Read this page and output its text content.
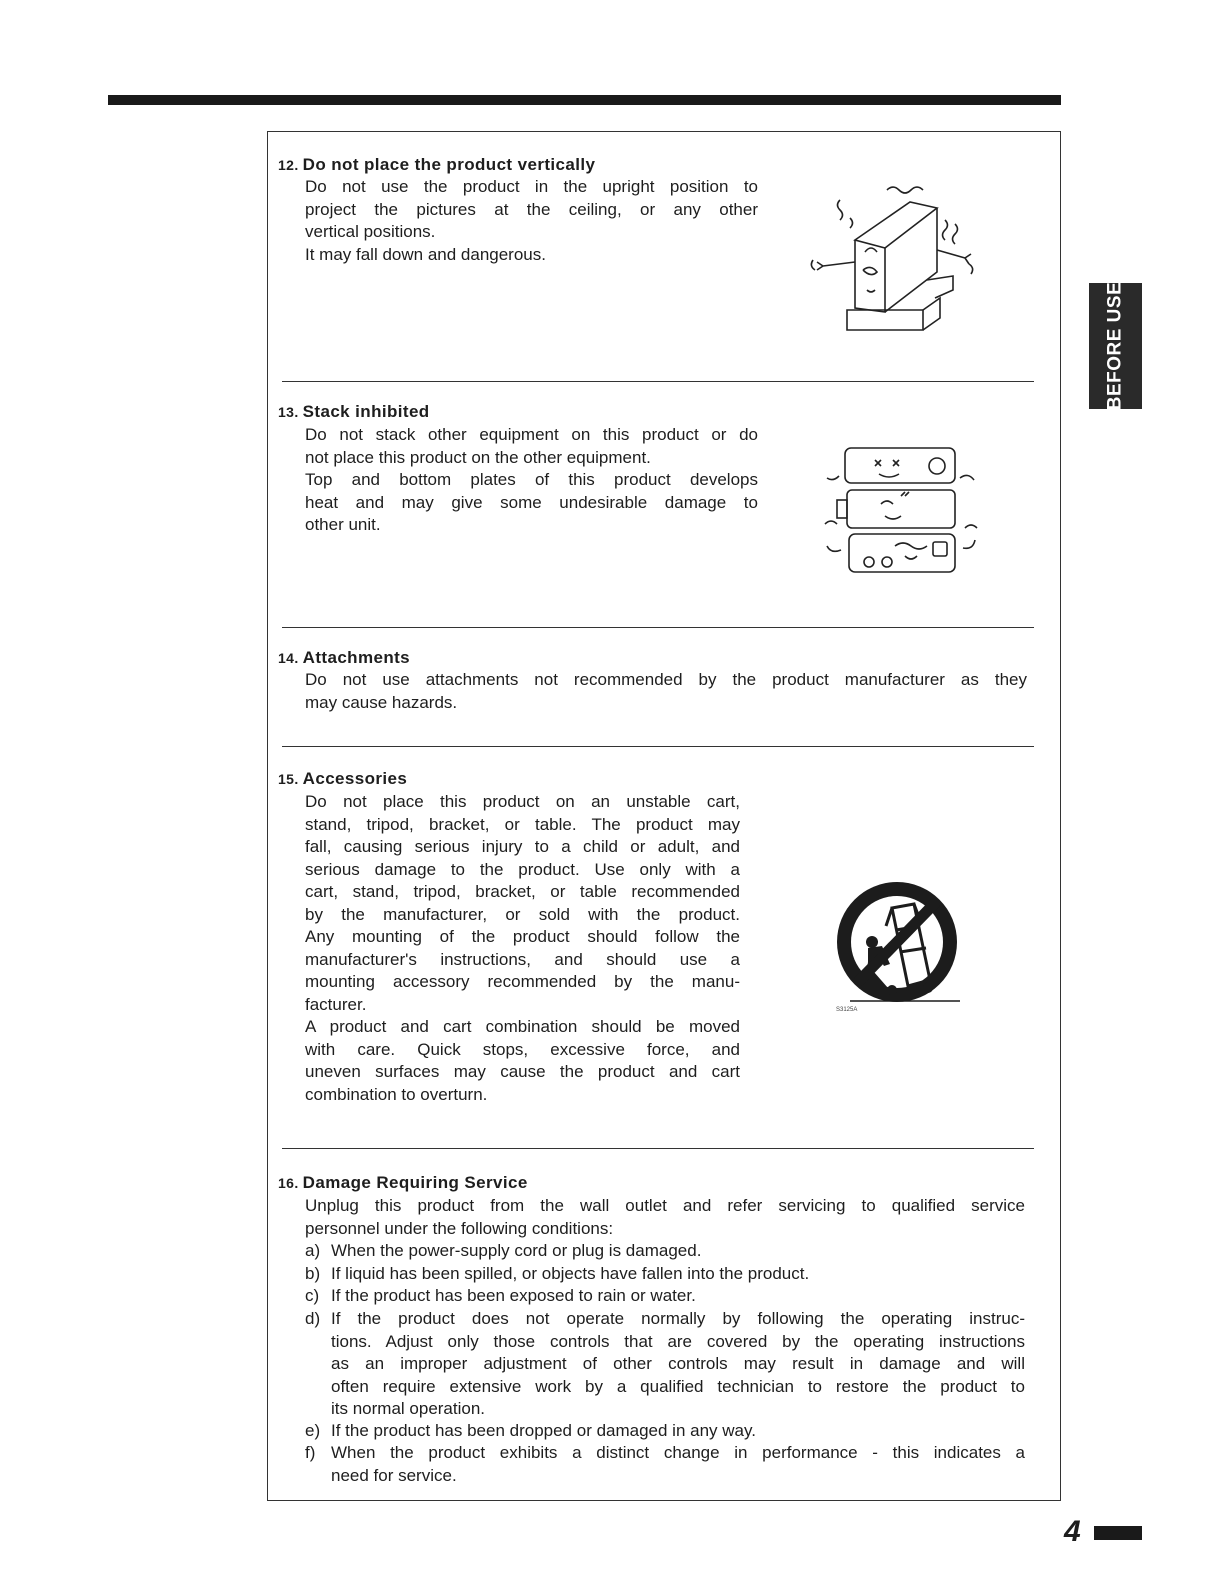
BEFORE USE
12. Do not place the product vertically
Do not use the product in the upright position to
project the pictures at the ceiling, or any other
vertical positions.
It may fall down and dangerous.
13. Stack inhibited
Do not stack other equipment on this product or do
not place this product on the other equipment.
Top and bottom plates of this product develops
heat and may give some undesirable damage to
other unit.
14. Attachments
Do not use attachments not recommended by the product manufacturer as they
may cause hazards.
15. Accessories
Do not place this product on an unstable cart,
stand, tripod, bracket, or table. The product may
fall, causing serious injury to a child or adult, and
serious damage to the product. Use only with a
cart, stand, tripod, bracket, or table recommended
by the manufacturer, or sold with the product.
Any mounting of the product should follow the
manufacturer's instructions, and should use a
mounting accessory recommended by the manu-
facturer.
A product and cart combination should be moved
with care. Quick stops, excessive force, and
uneven surfaces may cause the product and cart
combination to overturn.
S3125A
16. Damage Requiring Service
Unplug this product from the wall outlet and refer servicing to qualified service
personnel under the following conditions:
a) When the power-supply cord or plug is damaged.
b) If liquid has been spilled, or objects have fallen into the product.
c) If the product has been exposed to rain or water.
d) If the product does not operate normally by following the operating instruc-
tions. Adjust only those controls that are covered by the operating instructions
as an improper adjustment of other controls may result in damage and will
often require extensive work by a qualified technician to restore the product to
its normal operation.
e) If the product has been dropped or damaged in any way.
f) When the product exhibits a distinct change in performance - this indicates a
need for service.
4
